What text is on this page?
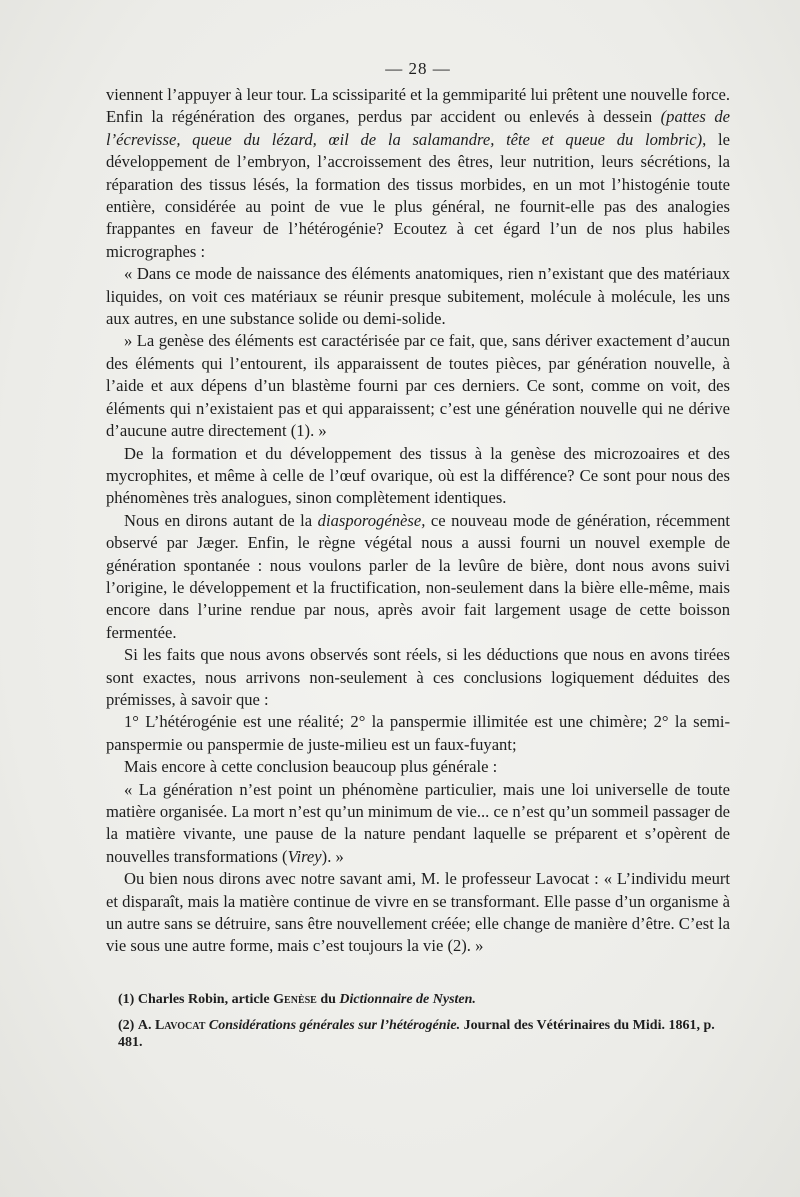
— 28 —

viennent l’appuyer à leur tour. La scissiparité et la gemmiparité lui prêtent une nouvelle force. Enfin la régénération des organes, perdus par accident ou enlevés à dessein (pattes de l’écrevisse, queue du lézard, œil de la salamandre, tête et queue du lombric), le développement de l’embryon, l’accroissement des êtres, leur nutrition, leurs sécrétions, la réparation des tissus lésés, la formation des tissus morbides, en un mot l’histogénie toute entière, considérée au point de vue le plus général, ne fournit-elle pas des analogies frappantes en faveur de l’hétérogénie? Ecoutez à cet égard l’un de nos plus habiles micrographes :

« Dans ce mode de naissance des éléments anatomiques, rien n’existant que des matériaux liquides, on voit ces matériaux se réunir presque subitement, molécule à molécule, les uns aux autres, en une substance solide ou demi-solide.

» La genèse des éléments est caractérisée par ce fait, que, sans dériver exactement d’aucun des éléments qui l’entourent, ils apparaissent de toutes pièces, par génération nouvelle, à l’aide et aux dépens d’un blastème fourni par ces derniers. Ce sont, comme on voit, des éléments qui n’existaient pas et qui apparaissent; c’est une génération nouvelle qui ne dérive d’aucune autre directement (1). »

De la formation et du développement des tissus à la genèse des microzoaires et des mycrophites, et même à celle de l’œuf ovarique, où est la différence? Ce sont pour nous des phénomènes très analogues, sinon complètement identiques.

Nous en dirons autant de la diasporogénèse, ce nouveau mode de génération, récemment observé par Jæger. Enfin, le règne végétal nous a aussi fourni un nouvel exemple de génération spontanée : nous voulons parler de la levûre de bière, dont nous avons suivi l’origine, le développement et la fructification, non-seulement dans la bière elle-même, mais encore dans l’urine rendue par nous, après avoir fait largement usage de cette boisson fermentée.

Si les faits que nous avons observés sont réels, si les déductions que nous en avons tirées sont exactes, nous arrivons non-seulement à ces conclusions logiquement déduites des prémisses, à savoir que :

1° L’hétérogénie est une réalité; 2° la panspermie illimitée est une chimère; 2° la semi-panspermie ou panspermie de juste-milieu est un faux-fuyant;

Mais encore à cette conclusion beaucoup plus générale :

« La génération n’est point un phénomène particulier, mais une loi universelle de toute matière organisée. La mort n’est qu’un minimum de vie... ce n’est qu’un sommeil passager de la matière vivante, une pause de la nature pendant laquelle se préparent et s’opèrent de nouvelles transformations (Virey). »

Ou bien nous dirons avec notre savant ami, M. le professeur Lavocat : « L’individu meurt et disparaît, mais la matière continue de vivre en se transformant. Elle passe d’un organisme à un autre sans se détruire, sans être nouvellement créée; elle change de manière d’être. C’est la vie sous une autre forme, mais c’est toujours la vie (2). »

(1) Charles Robin, article Genèse du Dictionnaire de Nysten.

(2) A. Lavocat Considérations générales sur l’hétérogénie. Journal des Vétérinaires du Midi. 1861, p. 481.
